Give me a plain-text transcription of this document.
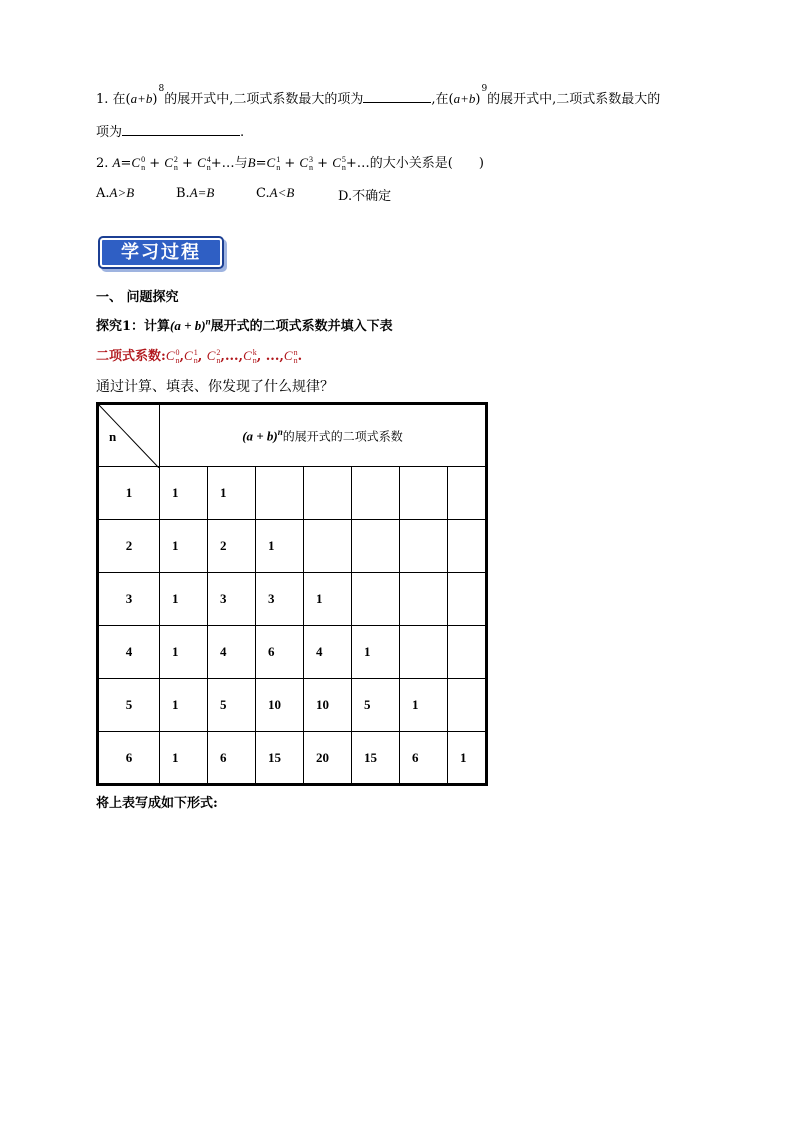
1. 在$(a+b)^8$的展开式中,二项式系数最大的项为	,在$(a+b)^9$的展开式中,二项式系数最大的
项为	.
2. A=C 0
n + C 2
n + C 4
n +…与B=C 1
n + C 3
n + C 5
n +…的大小关系是( )
A.A>B	B.A=B	C.A<B	D.不确定
学习过程
一、 问题探究
探究1：计算$(a + b)^n$展开式的二项式系数并填入下表
二项式系数:C 0
n ,C 1
n , C 2
n ,...,C k
n , ...,C n
n .
通过计算、填表、你发现了什么规律？
n	$(a + b)^n$的展开式的二项式系数						
1	1	1					
2	1	2	1				
3	1	3	3	1			
4	1	4	6	4	1		
5	1	5	10	10	5	1	
6	1	6	15	20	15	6	1
将上表写成如下形式:
